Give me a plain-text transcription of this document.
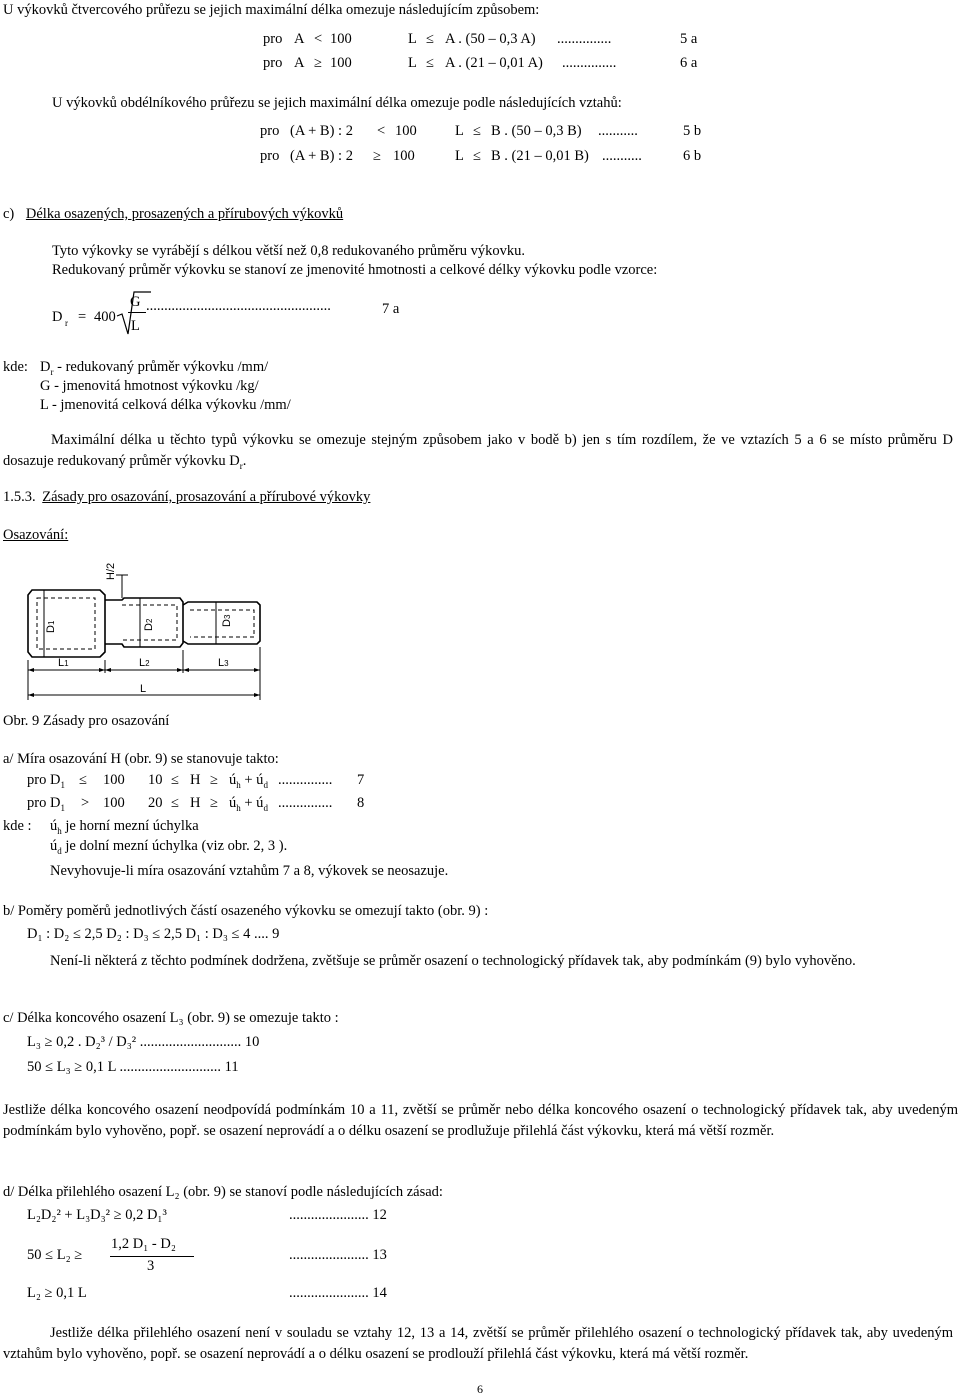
U výkovků čtvercového průřezu se jejich maximální délka omezuje následujícím způsobem:
pro A < 100	L ≤ A . (50 – 0,3 A) ...............	5 a
pro A ≥ 100	L ≤ A . (21 – 0,01 A) ...............	6 a
U výkovků obdélníkového průřezu se jejich maximální délka omezuje podle následujících vztahů:
pro (A + B) : 2 < 100	L ≤ B . (50 – 0,3 B) ...........	5 b
pro (A + B) : 2 ≥ 100	L ≤ B . (21 – 0,01 B) ...........	6 b
c) Délka osazených, prosazených a přírubových výkovků
Tyto výkovky se vyrábějí s délkou větší než 0,8 redukovaného průměru výkovku.
Redukovaný průměr výkovku se stanoví ze jmenovité hmotnosti a celkové délky výkovku podle vzorce:
D r = 400
G
L
...................................................	7 a
kde: $D_r$ - redukovaný průměr výkovku /mm/
G - jmenovitá hmotnost výkovku /kg/
L - jmenovitá celková délka výkovku /mm/
Maximální délka u těchto typů výkovku se omezuje stejným způsobem jako v bodě b) jen s tím rozdílem, že ve vztazích 5 a 6 se místo průměru D dosazuje redukovaný průměr výkovku $D_r$.
1.5.3. Zásady pro osazování, prosazování a přírubové výkovky
Osazování:
H/2
D1
D2	D3
L1	L2	L3
L
Obr. 9 Zásady pro osazování
a/ Míra osazování H (obr. 9) se stanovuje takto:
pro $D_1 \le 100$ $10 \le H \ge ú_h$ + $ú_d$ ............... 7
pro $D_1 > 100$ $20 \le H \ge ú_h$ + $ú_d$ ............... 8
kde : $ú_h$ je horní mezní úchylka
$ú_d$ je dolní mezní úchylka (viz obr. 2, 3 ).
Nevyhovuje-li míra osazování vztahům 7 a 8, výkovek se neosazuje.
b/ Poměry poměrů jednotlivých částí osazeného výkovku se omezují takto (obr. 9) :
D₁ : D₂ ≤ 2,5 D₂ : D₃ ≤ 2,5 D₁ : D₃ ≤ 4 .... 9
Není-li některá z těchto podmínek dodržena, zvětšuje se průměr osazení o technologický přídavek tak, aby podmínkám (9) bylo vyhověno.
c/ Délka koncového osazení L₃ (obr. 9) se omezuje takto :
L₃ ≥ 0,2 . D₂³ / D₃² ............................ 10
50 ≤ L₃ ≥ 0,1 L ............................ 11
Jestliže délka koncového osazení neodpovídá podmínkám 10 a 11, zvětší se průměr nebo délka koncového osazení o technologický přídavek tak, aby uvedeným podmínkám bylo vyhověno, popř. se osazení neprovádí a o délku osazení se prodlužuje přilehlá část výkovku, která má větší rozměr.
d/ Délka přilehlého osazení L₂ (obr. 9) se stanoví podle následujících zásad:
L₂D₂² + L₃D₃² ≥ 0,2 D₁³	...................... 12
50 ≤ L₂ ≥
1,2 D₁ - D₂
3
...................... 13
L₂ ≥ 0,1 L	...................... 14
Jestliže délka přilehlého osazení není v souladu se vztahy 12, 13 a 14, zvětší se průměr přilehlého osazení o technologický přídavek tak, aby uvedeným vztahům bylo vyhověno, popř. se osazení neprovádí a o délku osazení se prodlouží přilehlá část výkovku, která má větší rozměr.
6
